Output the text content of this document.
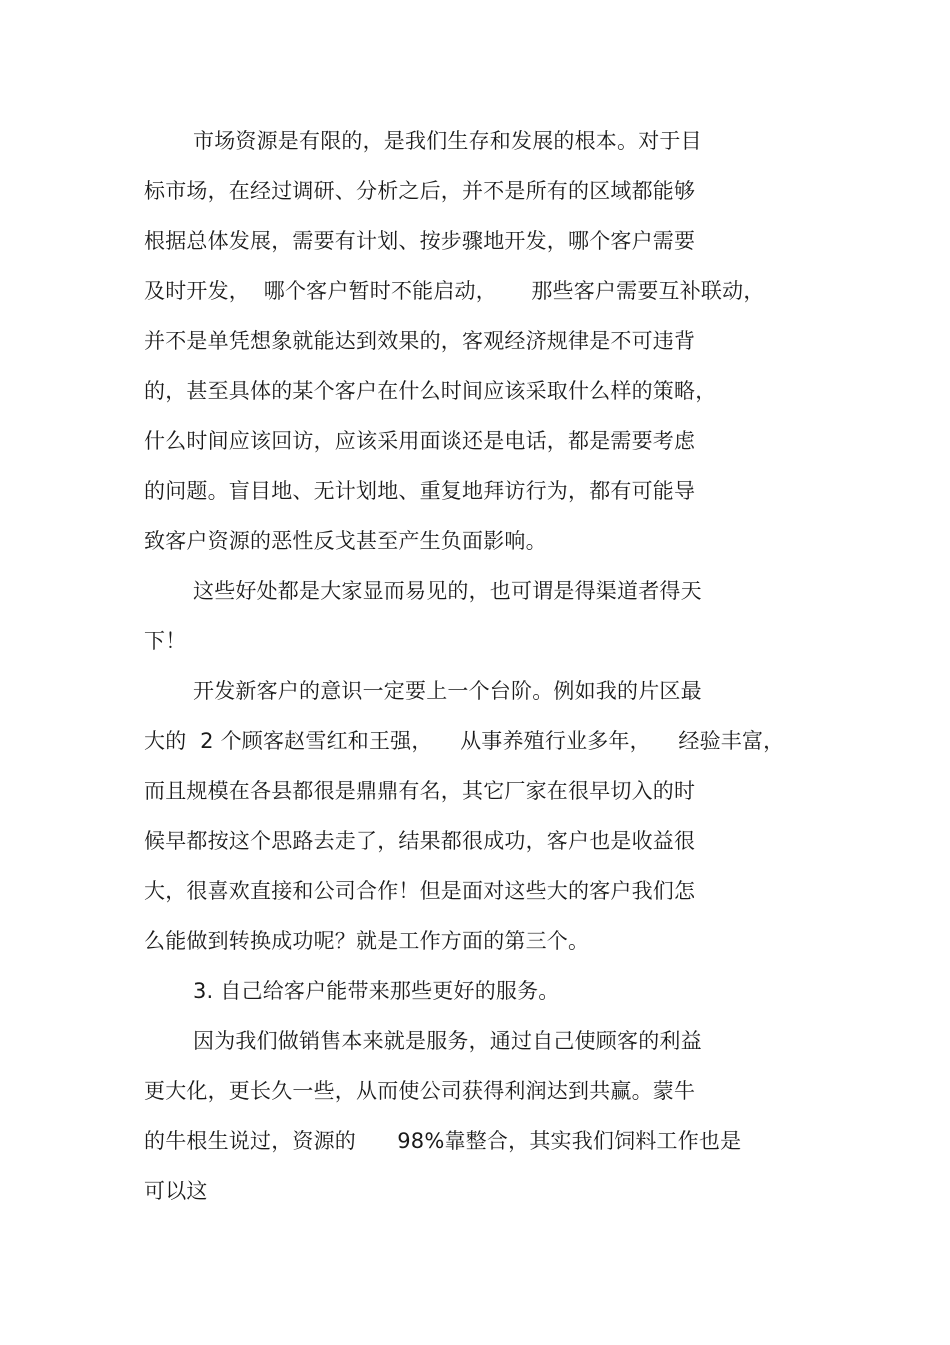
市场资源是有限的，是我们生存和发展的根本。对于目
标市场，在经过调研、分析之后，并不是所有的区域都能够
根据总体发展，需要有计划、按步骤地开发，哪个客户需要
及时开发，  哪个客户暂时不能启动，     那些客户需要互补联动，
并不是单凭想象就能达到效果的，客观经济规律是不可违背
的，甚至具体的某个客户在什么时间应该采取什么样的策略，
什么时间应该回访，应该采用面谈还是电话，都是需要考虑
的问题。盲目地、无计划地、重复地拜访行为，都有可能导
致客户资源的恶性反戈甚至产生负面影响。
这些好处都是大家显而易见的，也可谓是得渠道者得天
下！
开发新客户的意识一定要上一个台阶。例如我的片区最
大的  2 个顾客赵雪红和王强，    从事养殖行业多年，    经验丰富，
而且规模在各县都很是鼎鼎有名，其它厂家在很早切入的时
候早都按这个思路去走了，结果都很成功，客户也是收益很
大，很喜欢直接和公司合作！但是面对这些大的客户我们怎
么能做到转换成功呢？就是工作方面的第三个。
3. 自己给客户能带来那些更好的服务。
因为我们做销售本来就是服务，通过自己使顾客的利益
更大化，更长久一些，从而使公司获得利润达到共赢。蒙牛
的牛根生说过，资源的      98%靠整合，其实我们饲料工作也是
可以这
